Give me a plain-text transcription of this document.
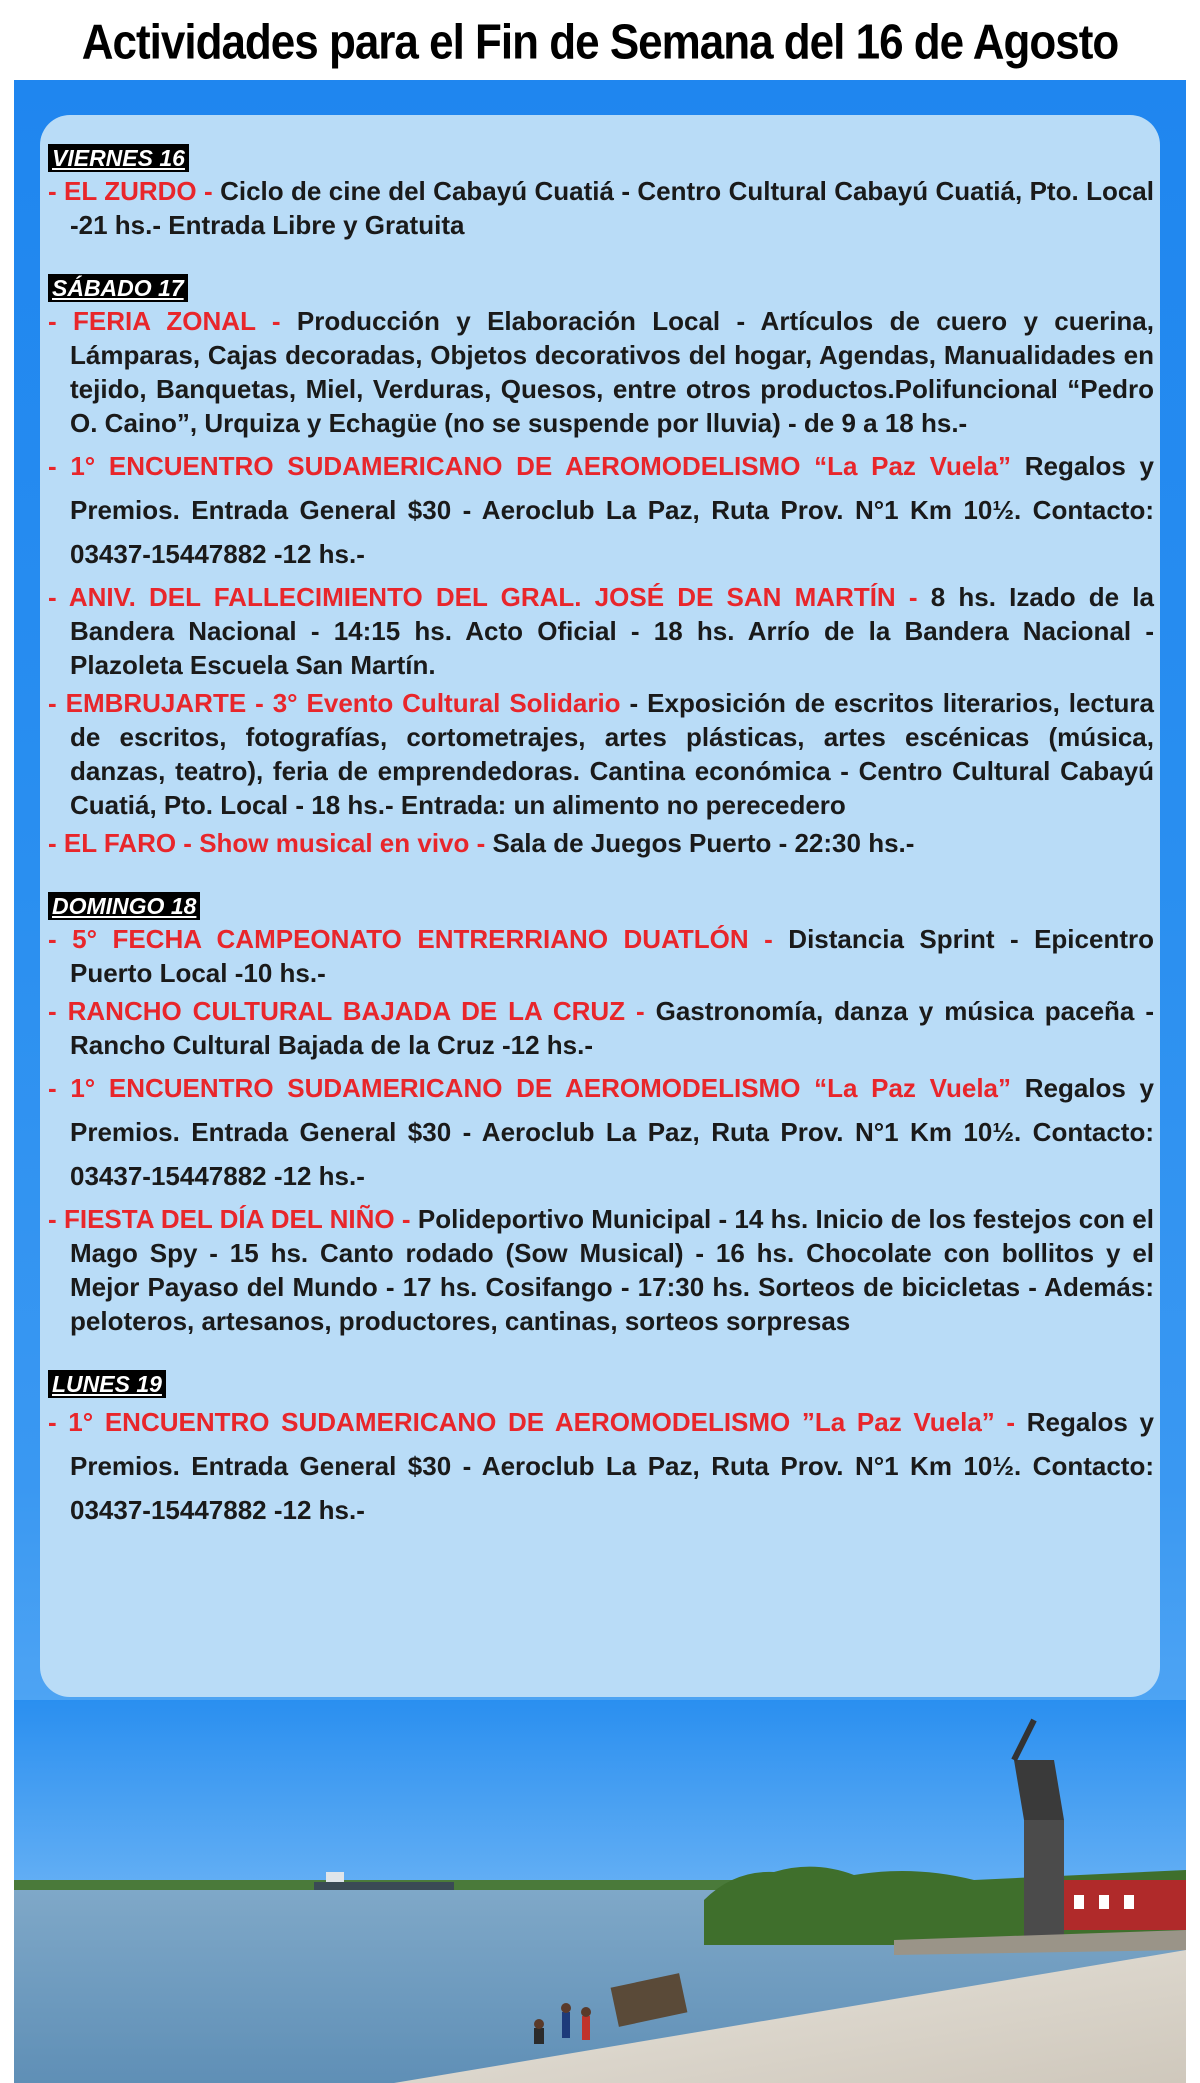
Actividades para el Fin de Semana del 16 de Agosto
VIERNES 16
- EL ZURDO - Ciclo de cine del Cabayú Cuatiá - Centro Cultural Cabayú Cuatiá, Pto. Local -21 hs.- Entrada Libre y Gratuita
SÁBADO 17
- FERIA ZONAL - Producción y Elaboración Local - Artículos de cuero y cuerina, Lámparas, Cajas decoradas, Objetos decorativos del hogar, Agendas, Manualidades en tejido, Banquetas, Miel, Verduras, Quesos, entre otros productos.Polifuncional “Pedro O. Caino”, Urquiza y Echagüe (no se suspende por lluvia) - de 9 a 18 hs.-
- 1° ENCUENTRO SUDAMERICANO DE AEROMODELISMO “La Paz Vuela” Regalos y Premios. Entrada General $30 - Aeroclub La Paz, Ruta Prov. N°1 Km 10½. Contacto: 03437-15447882 -12 hs.-
- ANIV. DEL FALLECIMIENTO DEL GRAL. JOSÉ DE SAN MARTÍN - 8 hs. Izado de la Bandera Nacional - 14:15 hs. Acto Oficial - 18 hs. Arrío de la Bandera Nacional - Plazoleta Escuela San Martín.
- EMBRUJARTE - 3° Evento Cultural Solidario - Exposición de escritos literarios, lectura de escritos, fotografías, cortometrajes, artes plásticas, artes escénicas (música, danzas, teatro), feria de emprendedoras. Cantina económica - Centro Cultural Cabayú Cuatiá, Pto. Local - 18 hs.- Entrada: un alimento no perecedero
- EL FARO - Show musical en vivo - Sala de Juegos Puerto - 22:30 hs.-
DOMINGO 18
- 5° FECHA CAMPEONATO ENTRERRIANO DUATLÓN - Distancia Sprint - Epicentro Puerto Local -10 hs.-
- RANCHO CULTURAL BAJADA DE LA CRUZ - Gastronomía, danza y música paceña -Rancho Cultural Bajada de la Cruz -12 hs.-
- 1° ENCUENTRO SUDAMERICANO DE AEROMODELISMO “La Paz Vuela” Regalos y Premios. Entrada General $30 - Aeroclub La Paz, Ruta Prov. N°1 Km 10½. Contacto: 03437-15447882 -12 hs.-
- FIESTA DEL DÍA DEL NIÑO - Polideportivo Municipal - 14 hs. Inicio de los festejos con el Mago Spy - 15 hs. Canto rodado (Sow Musical) - 16 hs. Chocolate con bollitos y el Mejor Payaso del Mundo - 17 hs. Cosifango - 17:30 hs. Sorteos de bicicletas - Además: peloteros, artesanos, productores, cantinas, sorteos sorpresas
LUNES 19
- 1° ENCUENTRO SUDAMERICANO DE AEROMODELISMO ”La Paz Vuela” - Regalos y Premios. Entrada General $30 - Aeroclub La Paz, Ruta Prov. N°1 Km 10½. Contacto: 03437-15447882 -12 hs.-
